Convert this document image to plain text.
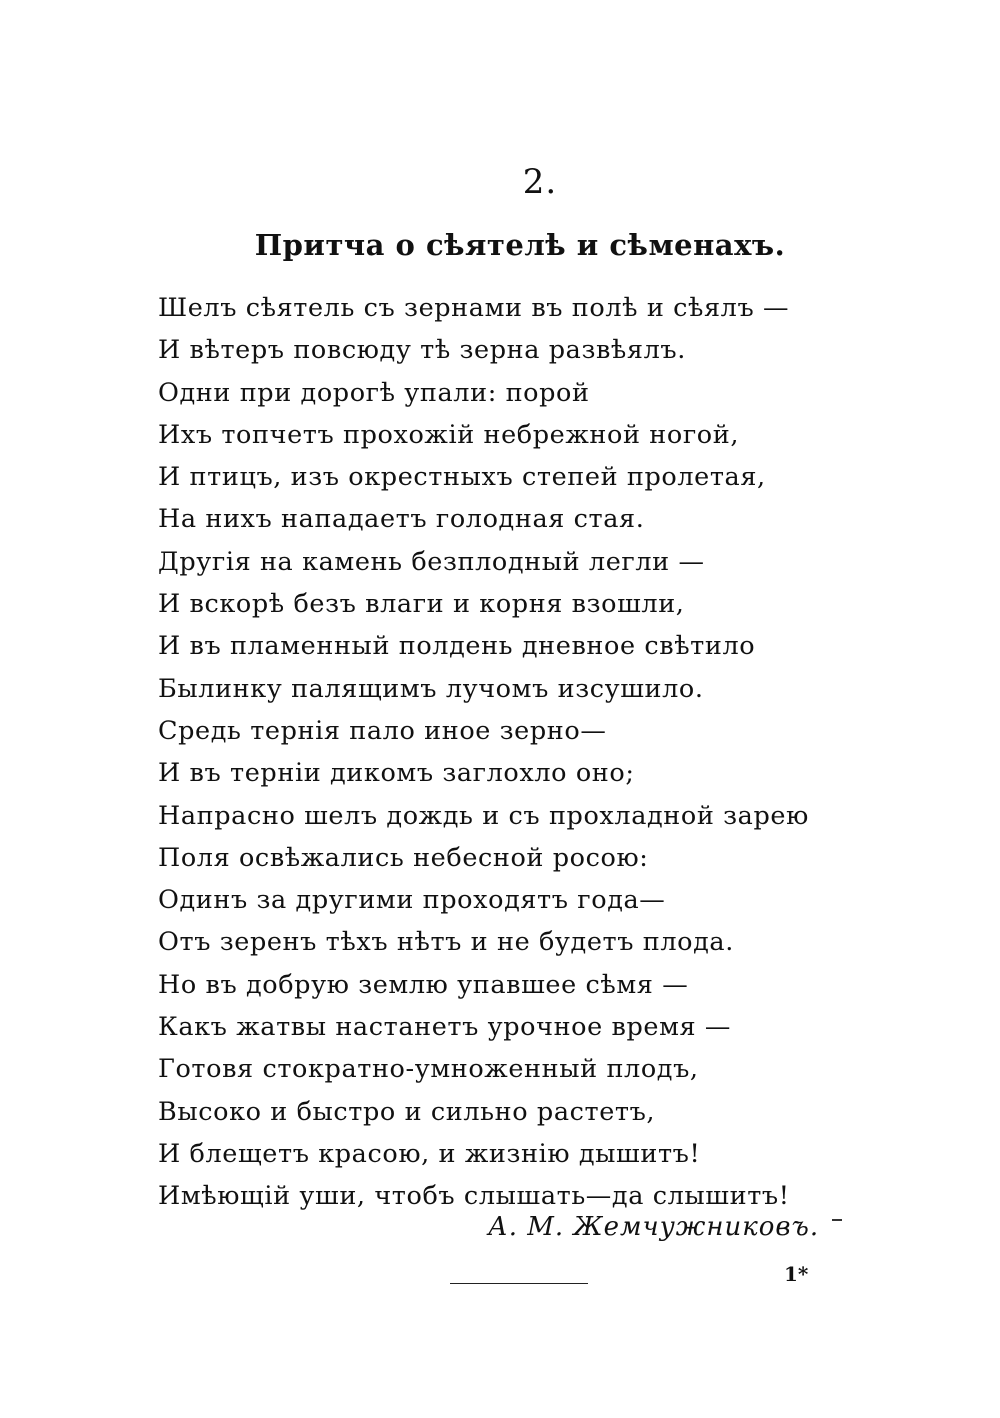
2.
Притча о сѣятелѣ и сѣменахъ.
Шелъ сѣятель съ зернами въ полѣ и сѣялъ —
И вѣтеръ повсюду тѣ зерна развѣялъ.
Одни при дорогѣ упали: порой
Ихъ топчетъ прохожій небрежной ногой,
И птицъ, изъ окрестныхъ степей пролетая,
На нихъ нападаетъ голодная стая.
Другія на камень безплодный легли —
И вскорѣ безъ влаги и корня взошли,
И въ пламенный полдень дневное свѣтило
Былинку палящимъ лучомъ изсушило.
Средь тернія пало иное зерно—
И въ терніи дикомъ заглохло оно;
Напрасно шелъ дождь и съ прохладной зарею
Поля освѣжались небесной росою:
Одинъ за другими проходятъ года—
Отъ зеренъ тѣхъ нѣтъ и не будетъ плода.
Но въ добрую землю упавшее сѣмя —
Какъ жатвы настанетъ урочное время —
Готовя стократно-умноженный плодъ,
Высоко и быстро и сильно растетъ,
И блещетъ красою, и жизнію дышитъ!
Имѣющій уши, чтобъ слышать—да слышитъ!
А. М. Жемчужниковъ.
1*
